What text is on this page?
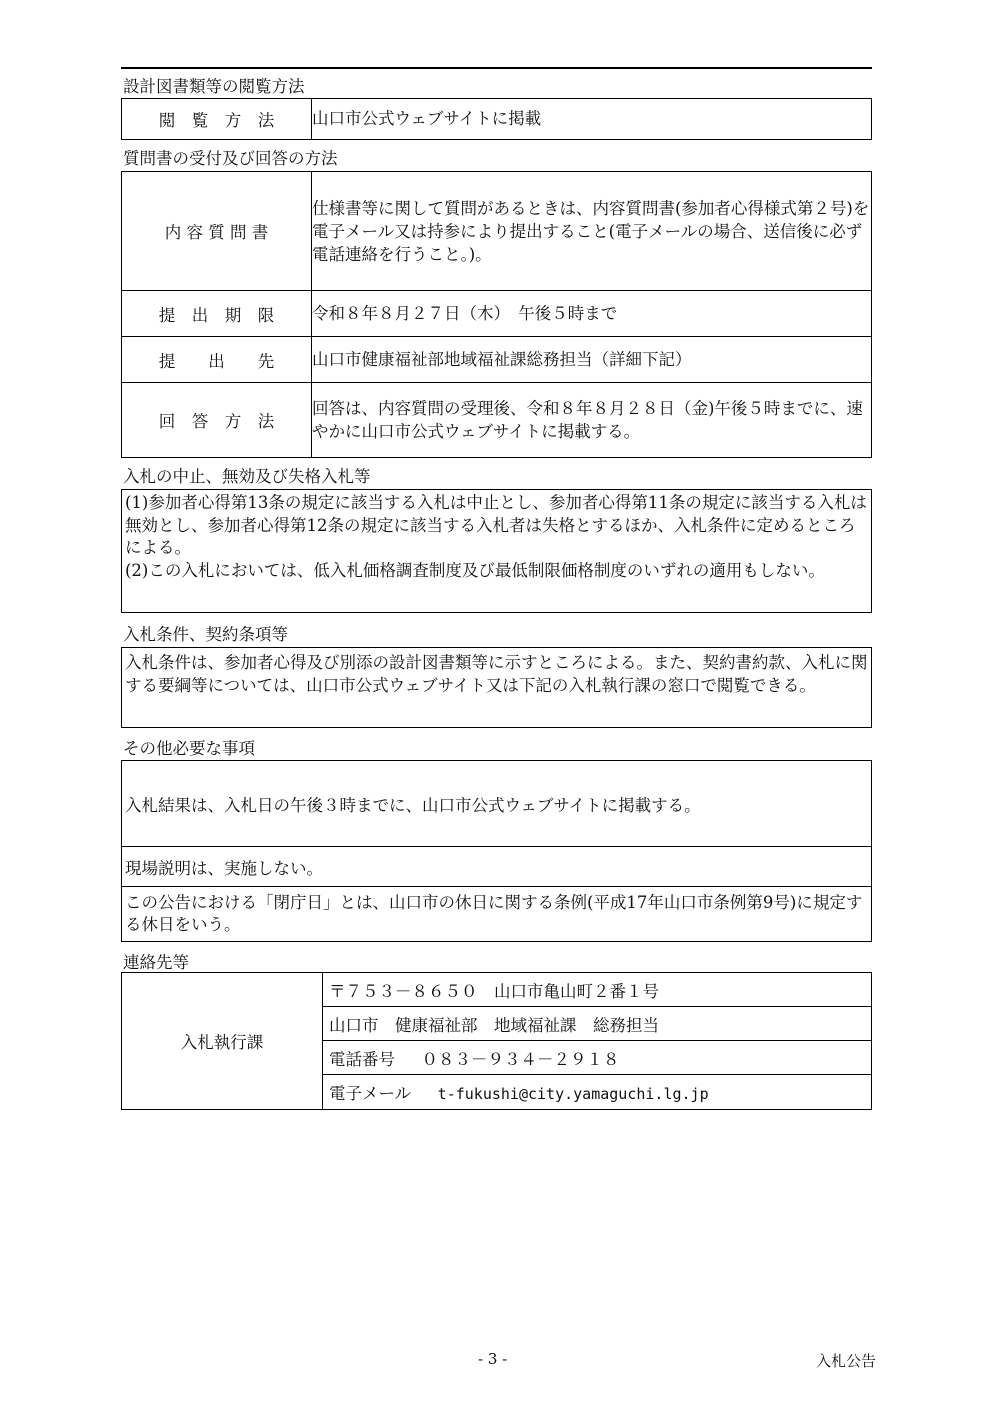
設計図書類等の閲覧方法
閲　覧　方　法	山口市公式ウェブサイトに掲載
質問書の受付及び回答の方法
内 容 質 問 書	仕様書等に関して質問があるときは、内容質問書(参加者心得様式第２号)を電子メール又は持参により提出すること(電子メールの場合、送信後に必ず電話連絡を行うこと。)。
提　出　期　限	令和８年８月２７日（木）　午後５時まで
提　　出　　先	山口市健康福祉部地域福祉課総務担当（詳細下記）
回　答　方　法	回答は、内容質問の受理後、令和８年８月２８日（金)午後５時までに、速やかに山口市公式ウェブサイトに掲載する。
入札の中止、無効及び失格入札等
(1)参加者心得第13条の規定に該当する入札は中止とし、参加者心得第11条の規定に該当する入札は無効とし、参加者心得第12条の規定に該当する入札者は失格とするほか、入札条件に定めるところによる。
(2)この入札においては、低入札価格調査制度及び最低制限価格制度のいずれの適用もしない。
入札条件、契約条項等
入札条件は、参加者心得及び別添の設計図書類等に示すところによる。また、契約書約款、入札に関する要綱等については、山口市公式ウェブサイト又は下記の入札執行課の窓口で閲覧できる。
その他必要な事項
入札結果は、入札日の午後３時までに、山口市公式ウェブサイトに掲載する。
現場説明は、実施しない。
この公告における「閉庁日」とは、山口市の休日に関する条例(平成17年山口市条例第9号)に規定する休日をいう。
連絡先等
入札執行課	〒７５３－８６５０　山口市亀山町２番１号
山口市　健康福祉部　地域福祉課　総務担当
電話番号 ０８３－９３４－２９１８
電子メール t-fukushi@city.yamaguchi.lg.jp
- 3 -	入札公告
